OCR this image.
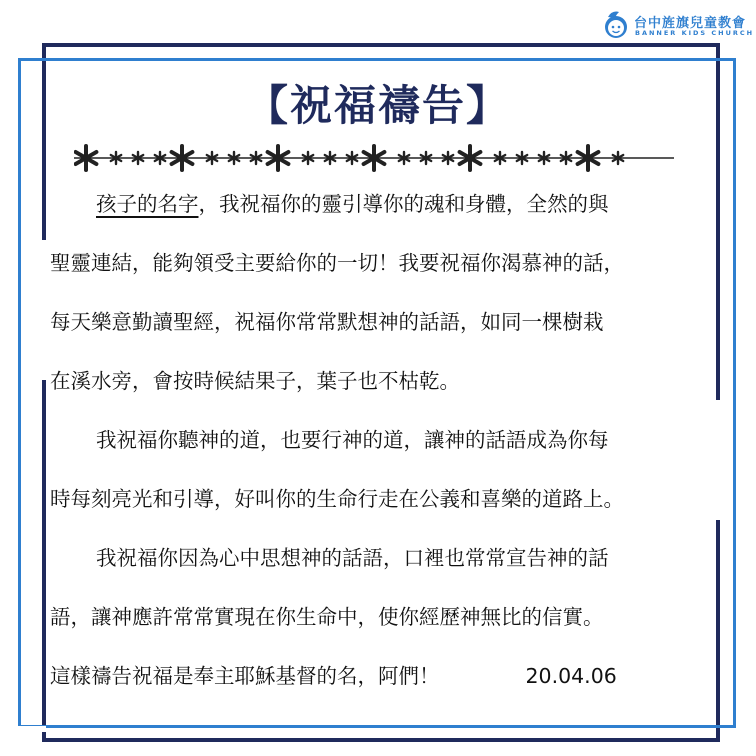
台中旌旗兒童教會
BANNER KIDS CHURCH
【祝福禱告】
孩子的名字，我祝福你的靈引導你的魂和身體，全然的與
聖靈連結，能夠領受主要給你的一切！我要祝福你渴慕神的話，
每天樂意勤讀聖經，祝福你常常默想神的話語，如同一棵樹栽
在溪水旁，會按時候結果子，葉子也不枯乾。
我祝福你聽神的道，也要行神的道，讓神的話語成為你每
時每刻亮光和引導，好叫你的生命行走在公義和喜樂的道路上。
我祝福你因為心中思想神的話語，口裡也常常宣告神的話
語，讓神應許常常實現在你生命中，使你經歷神無比的信實。
這樣禱告祝福是奉主耶穌基督的名，阿們！	20.04.06
